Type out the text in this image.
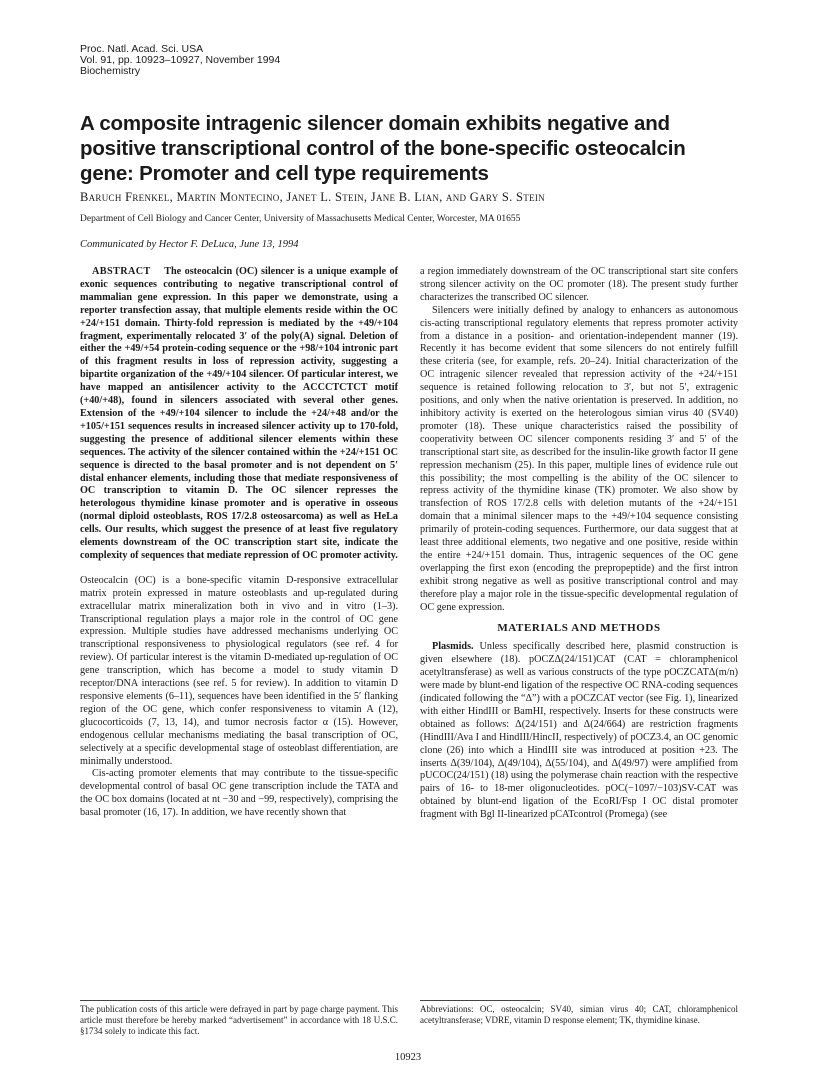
Proc. Natl. Acad. Sci. USA
Vol. 91, pp. 10923–10927, November 1994
Biochemistry
A composite intragenic silencer domain exhibits negative and positive transcriptional control of the bone-specific osteocalcin gene: Promoter and cell type requirements
Baruch Frenkel, Martin Montecino, Janet L. Stein, Jane B. Lian, and Gary S. Stein
Department of Cell Biology and Cancer Center, University of Massachusetts Medical Center, Worcester, MA 01655
Communicated by Hector F. DeLuca, June 13, 1994

ABSTRACT The osteocalcin (OC) silencer is a unique example of exonic sequences contributing to negative transcriptional control of mammalian gene expression. In this paper we demonstrate, using a reporter transfection assay, that multiple elements reside within the OC +24/+151 domain. Thirty-fold repression is mediated by the +49/+104 fragment, experimentally relocated 3′ of the poly(A) signal. Deletion of either the +49/+54 protein-coding sequence or the +98/+104 intronic part of this fragment results in loss of repression activity, suggesting a bipartite organization of the +49/+104 silencer. Of particular interest, we have mapped an antisilencer activity to the ACCCTCTCT motif (+40/+48), found in silencers associated with several other genes. Extension of the +49/+104 silencer to include the +24/+48 and/or the +105/+151 sequences results in increased silencer activity up to 170-fold, suggesting the presence of additional silencer elements within these sequences. The activity of the silencer contained within the +24/+151 OC sequence is directed to the basal promoter and is not dependent on 5′ distal enhancer elements, including those that mediate responsiveness of OC transcription to vitamin D. The OC silencer represses the heterologous thymidine kinase promoter and is operative in osseous (normal diploid osteoblasts, ROS 17/2.8 osteosarcoma) as well as HeLa cells. Our results, which suggest the presence of at least five regulatory elements downstream of the OC transcription start site, indicate the complexity of sequences that mediate repression of OC promoter activity.

Osteocalcin (OC) is a bone-specific vitamin D-responsive extracellular matrix protein expressed in mature osteoblasts and up-regulated during extracellular matrix mineralization both in vivo and in vitro (1–3). Transcriptional regulation plays a major role in the control of OC gene expression. Multiple studies have addressed mechanisms underlying OC transcriptional responsiveness to physiological regulators (see ref. 4 for review). Of particular interest is the vitamin D-mediated up-regulation of OC gene transcription, which has become a model to study vitamin D receptor/DNA interactions (see ref. 5 for review). In addition to vitamin D responsive elements (6–11), sequences have been identified in the 5′ flanking region of the OC gene, which confer responsiveness to vitamin A (12), glucocorticoids (7, 13, 14), and tumor necrosis factor α (15). However, endogenous cellular mechanisms mediating the basal transcription of OC, selectively at a specific developmental stage of osteoblast differentiation, are minimally understood.

Cis-acting promoter elements that may contribute to the tissue-specific developmental control of basal OC gene transcription include the TATA and the OC box domains (located at nt −30 and −99, respectively), comprising the basal promoter (16, 17). In addition, we have recently shown that

a region immediately downstream of the OC transcriptional start site confers strong silencer activity on the OC promoter (18). The present study further characterizes the transcribed OC silencer.

Silencers were initially defined by analogy to enhancers as autonomous cis-acting transcriptional regulatory elements that repress promoter activity from a distance in a position- and orientation-independent manner (19). Recently it has become evident that some silencers do not entirely fulfill these criteria (see, for example, refs. 20–24). Initial characterization of the OC intragenic silencer revealed that repression activity of the +24/+151 sequence is retained following relocation to 3′, but not 5′, extragenic positions, and only when the native orientation is preserved. In addition, no inhibitory activity is exerted on the heterologous simian virus 40 (SV40) promoter (18). These unique characteristics raised the possibility of cooperativity between OC silencer components residing 3′ and 5′ of the transcriptional start site, as described for the insulin-like growth factor II gene repression mechanism (25). In this paper, multiple lines of evidence rule out this possibility; the most compelling is the ability of the OC silencer to repress activity of the thymidine kinase (TK) promoter. We also show by transfection of ROS 17/2.8 cells with deletion mutants of the +24/+151 domain that a minimal silencer maps to the +49/+104 sequence consisting primarily of protein-coding sequences. Furthermore, our data suggest that at least three additional elements, two negative and one positive, reside within the entire +24/+151 domain. Thus, intragenic sequences of the OC gene overlapping the first exon (encoding the prepropeptide) and the first intron exhibit strong negative as well as positive transcriptional control and may therefore play a major role in the tissue-specific developmental regulation of OC gene expression.

MATERIALS AND METHODS

Plasmids. Unless specifically described here, plasmid construction is given elsewhere (18). pOCZΔ(24/151)CAT (CAT = chloramphenicol acetyltransferase) as well as various constructs of the type pOCZCATΔ(m/n) were made by blunt-end ligation of the respective OC RNA-coding sequences (indicated following the “Δ”) with a pOCZCAT vector (see Fig. 1), linearized with either HindIII or BamHI, respectively. Inserts for these constructs were obtained as follows: Δ(24/151) and Δ(24/664) are restriction fragments (HindIII/Ava I and HindIII/HincII, respectively) of pOCZ3.4, an OC genomic clone (26) into which a HindIII site was introduced at position +23. The inserts Δ(39/104), Δ(49/104), Δ(55/104), and Δ(49/97) were amplified from pUCOC(24/151) (18) using the polymerase chain reaction with the respective pairs of 16- to 18-mer oligonucleotides. pOC(−1097/−103)SV-CAT was obtained by blunt-end ligation of the EcoRI/Fsp I OC distal promoter fragment with Bgl II-linearized pCATcontrol (Promega) (see

The publication costs of this article were defrayed in part by page charge payment. This article must therefore be hereby marked “advertisement” in accordance with 18 U.S.C. §1734 solely to indicate this fact.
Abbreviations: OC, osteocalcin; SV40, simian virus 40; CAT, chloramphenicol acetyltransferase; VDRE, vitamin D response element; TK, thymidine kinase.
10923
